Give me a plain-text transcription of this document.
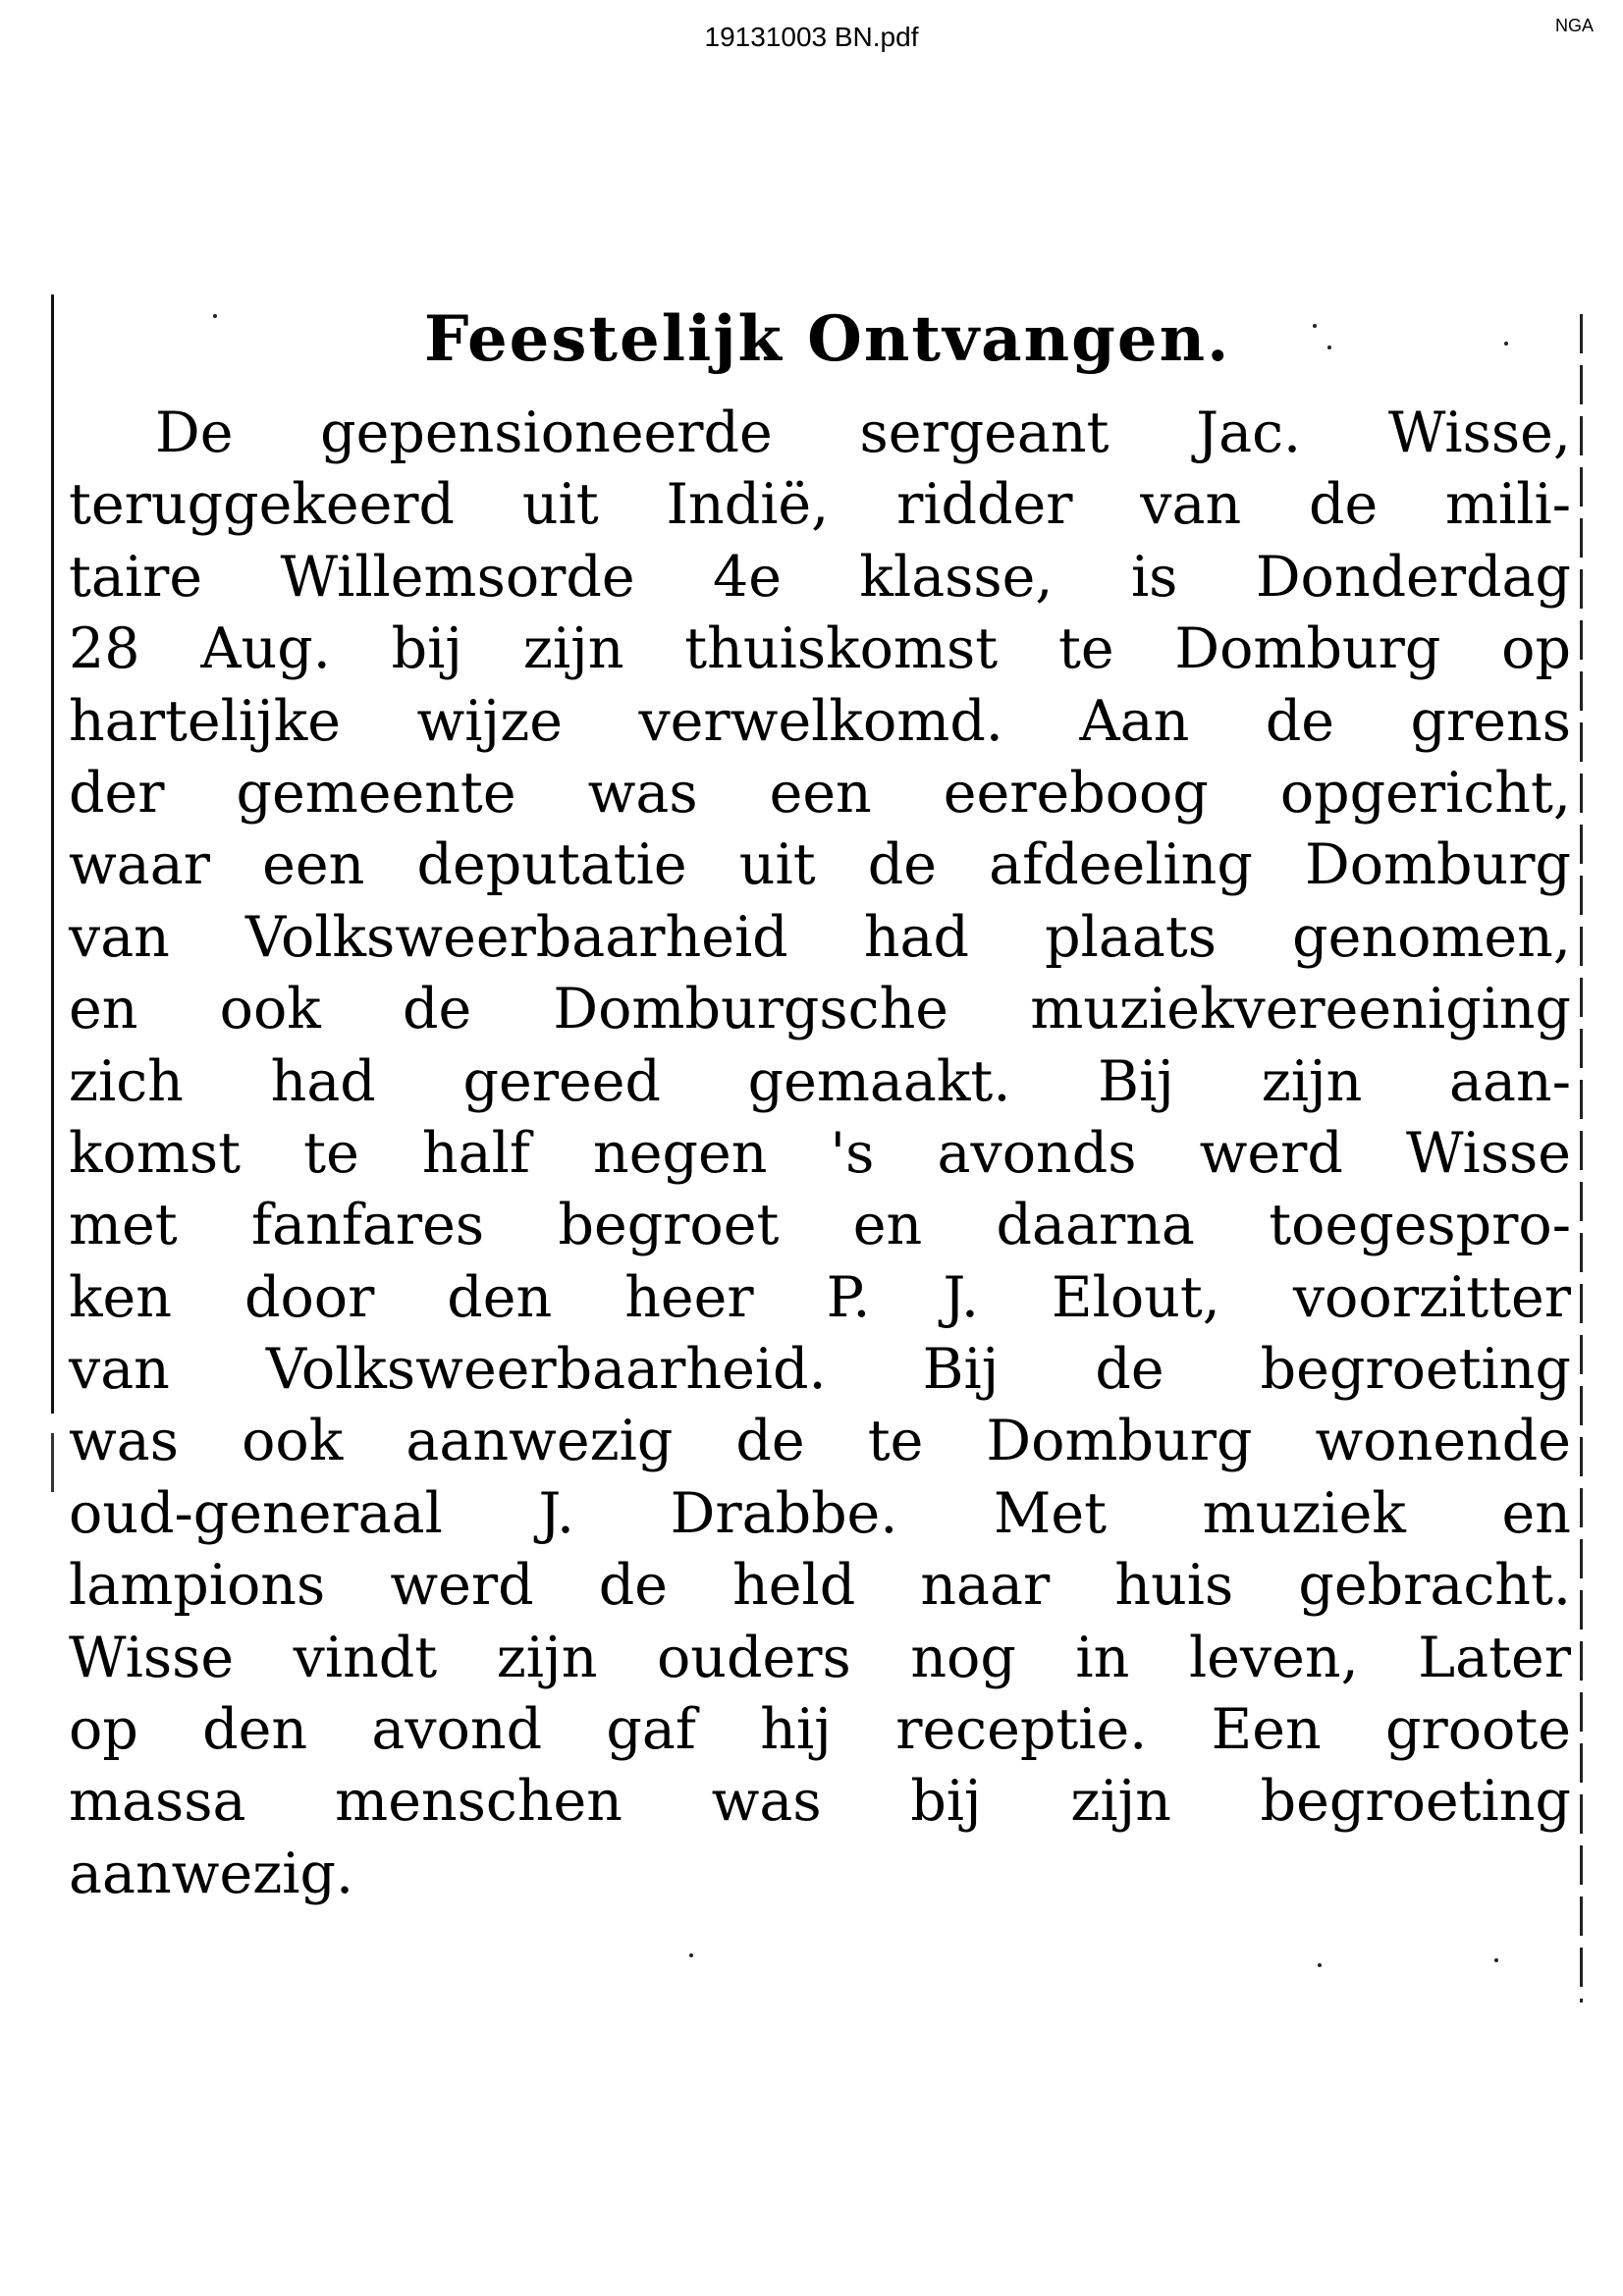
19131003 BN.pdf	NGA
Feestelijk Ontvangen.
De gepensioneerde sergeant Jac. Wisse,
teruggekeerd uit Indië, ridder van de mili-
taire Willemsorde 4e klasse, is Donderdag
28 Aug. bij zijn thuiskomst te Domburg op
hartelijke wijze verwelkomd. Aan de grens
der gemeente was een eereboog opgericht,
waar een deputatie uit de afdeeling Domburg
van Volksweerbaarheid had plaats genomen,
en ook de Domburgsche muziekvereeniging
zich had gereed gemaakt. Bij zijn aan-
komst te half negen 's avonds werd Wisse
met fanfares begroet en daarna toegespro-
ken door den heer P. J. Elout, voorzitter
van Volksweerbaarheid. Bij de begroeting
was ook aanwezig de te Domburg wonende
oud-generaal J. Drabbe. Met muziek en
lampions werd de held naar huis gebracht.
Wisse vindt zijn ouders nog in leven, Later
op den avond gaf hij receptie. Een groote
massa menschen was bij zijn begroeting
aanwezig.
